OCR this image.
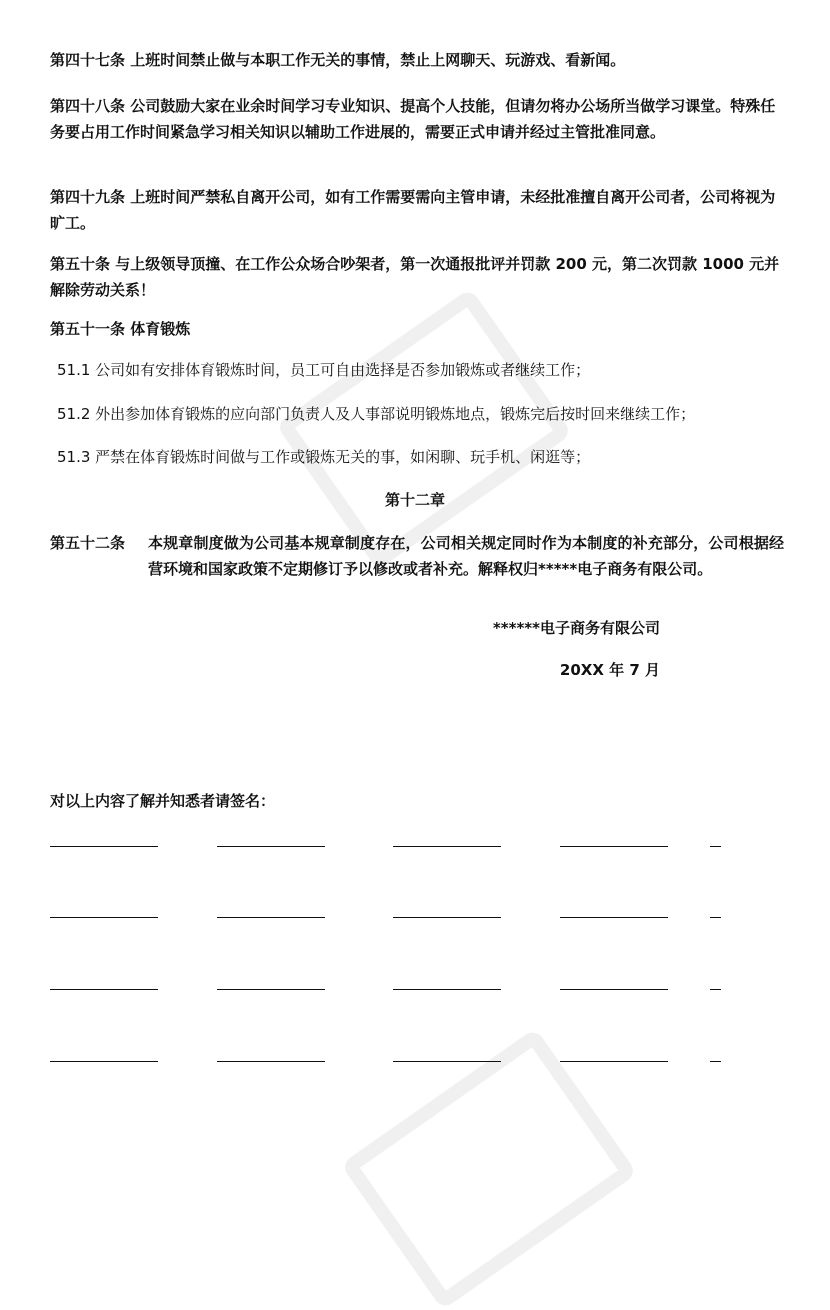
第四十七条 上班时间禁止做与本职工作无关的事情，禁止上网聊天、玩游戏、看新闻。

第四十八条 公司鼓励大家在业余时间学习专业知识、提高个人技能，但请勿将办公场所当做学习课堂。特殊任务要占用工作时间紧急学习相关知识以辅助工作进展的，需要正式申请并经过主管批准同意。

第四十九条 上班时间严禁私自离开公司，如有工作需要需向主管申请，未经批准擅自离开公司者，公司将视为旷工。

第五十条 与上级领导顶撞、在工作公众场合吵架者，第一次通报批评并罚款 200 元，第二次罚款 1000 元并解除劳动关系！

第五十一条 体育锻炼

51.1 公司如有安排体育锻炼时间，员工可自由选择是否参加锻炼或者继续工作；

51.2 外出参加体育锻炼的应向部门负责人及人事部说明锻炼地点，锻炼完后按时回来继续工作；

51.3 严禁在体育锻炼时间做与工作或锻炼无关的事，如闲聊、玩手机、闲逛等；

第十二章
第五十二条 本规章制度做为公司基本规章制度存在，公司相关规定同时作为本制度的补充部分，公司根据经营环境和国家政策不定期修订予以修改或者补充。解释权归*****电子商务有限公司。
******电子商务有限公司
20XX 年 7 月
对以上内容了解并知悉者请签名：
